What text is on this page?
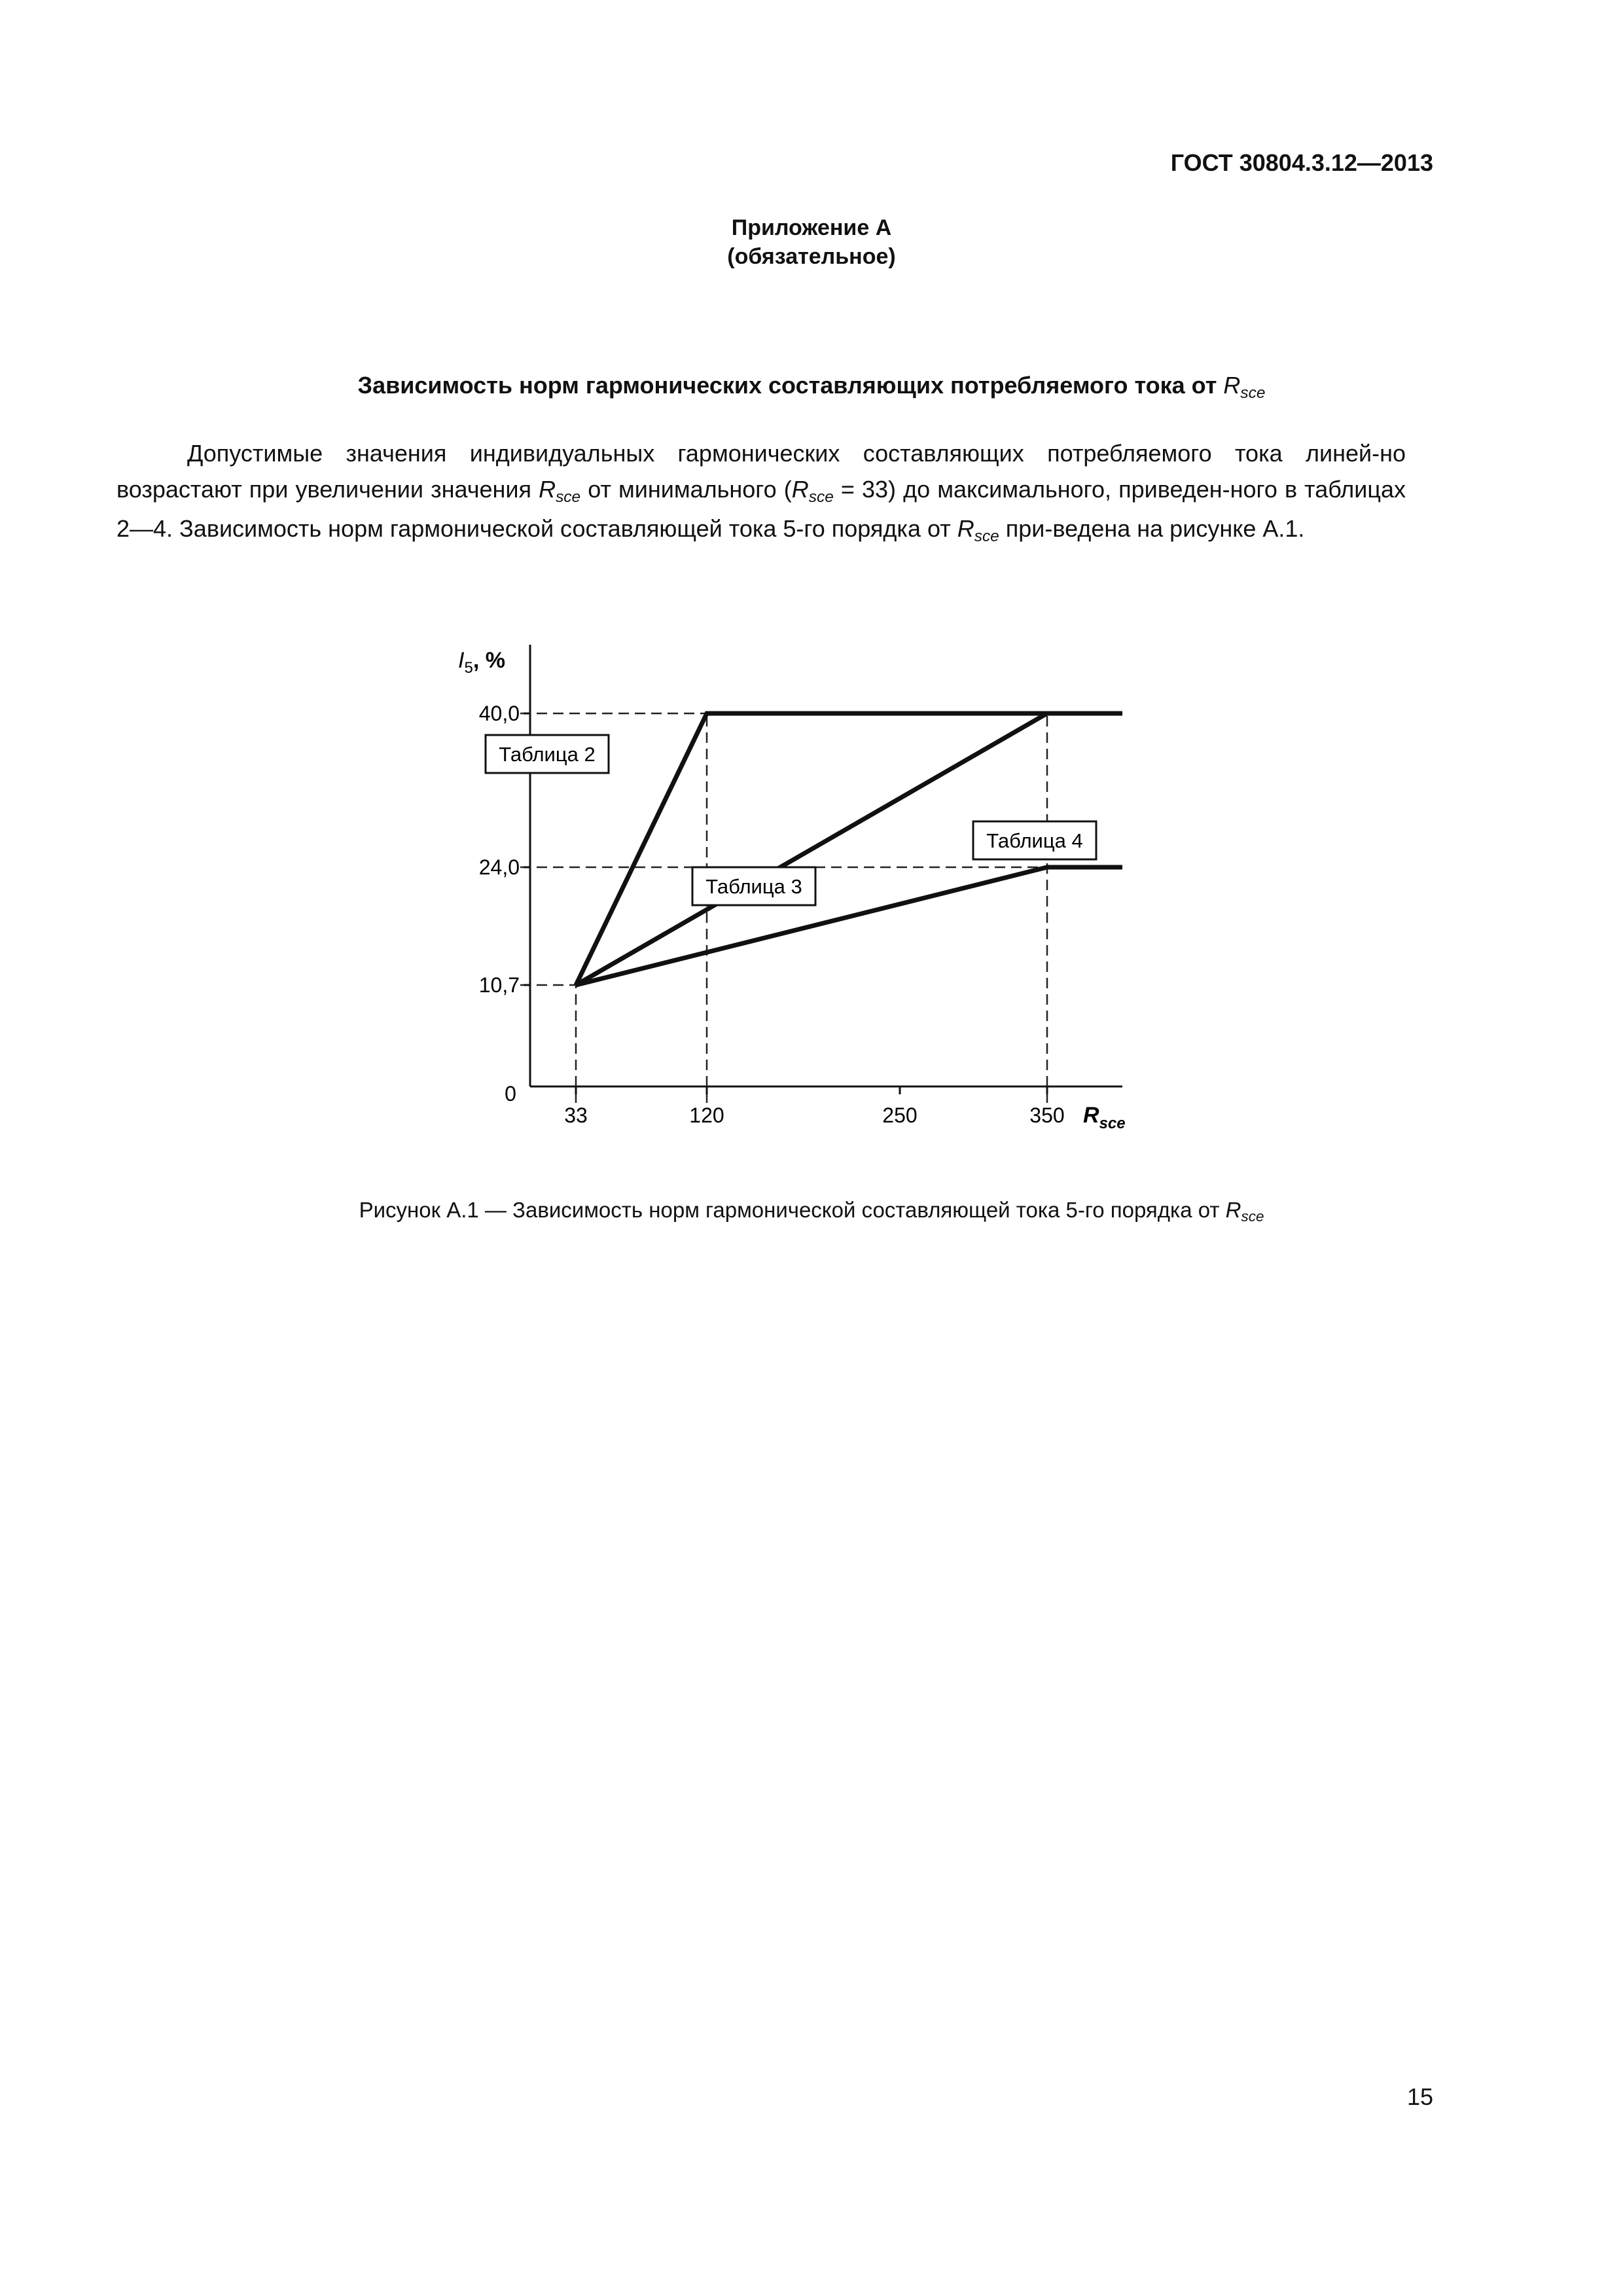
ГОСТ 30804.3.12—2013
Приложение А
(обязательное)
Зависимость норм гармонических составляющих потребляемого тока от Rsce
Допустимые значения индивидуальных гармонических составляющих потребляемого тока линей-но возрастают при увеличении значения Rsce от минимального (Rsce = 33) до максимального, приведен-ного в таблицах 2—4. Зависимость норм гармонической составляющей тока 5-го порядка от Rsce при-ведена на рисунке А.1.
10,7
24,0
40,0
33	120	250	350
0
$I_5$, %
$R_{sce}$
Таблица 2
Таблица 3
Таблица 4
Рисунок А.1 — Зависимость норм гармонической составляющей тока 5-го порядка от Rsce
15
